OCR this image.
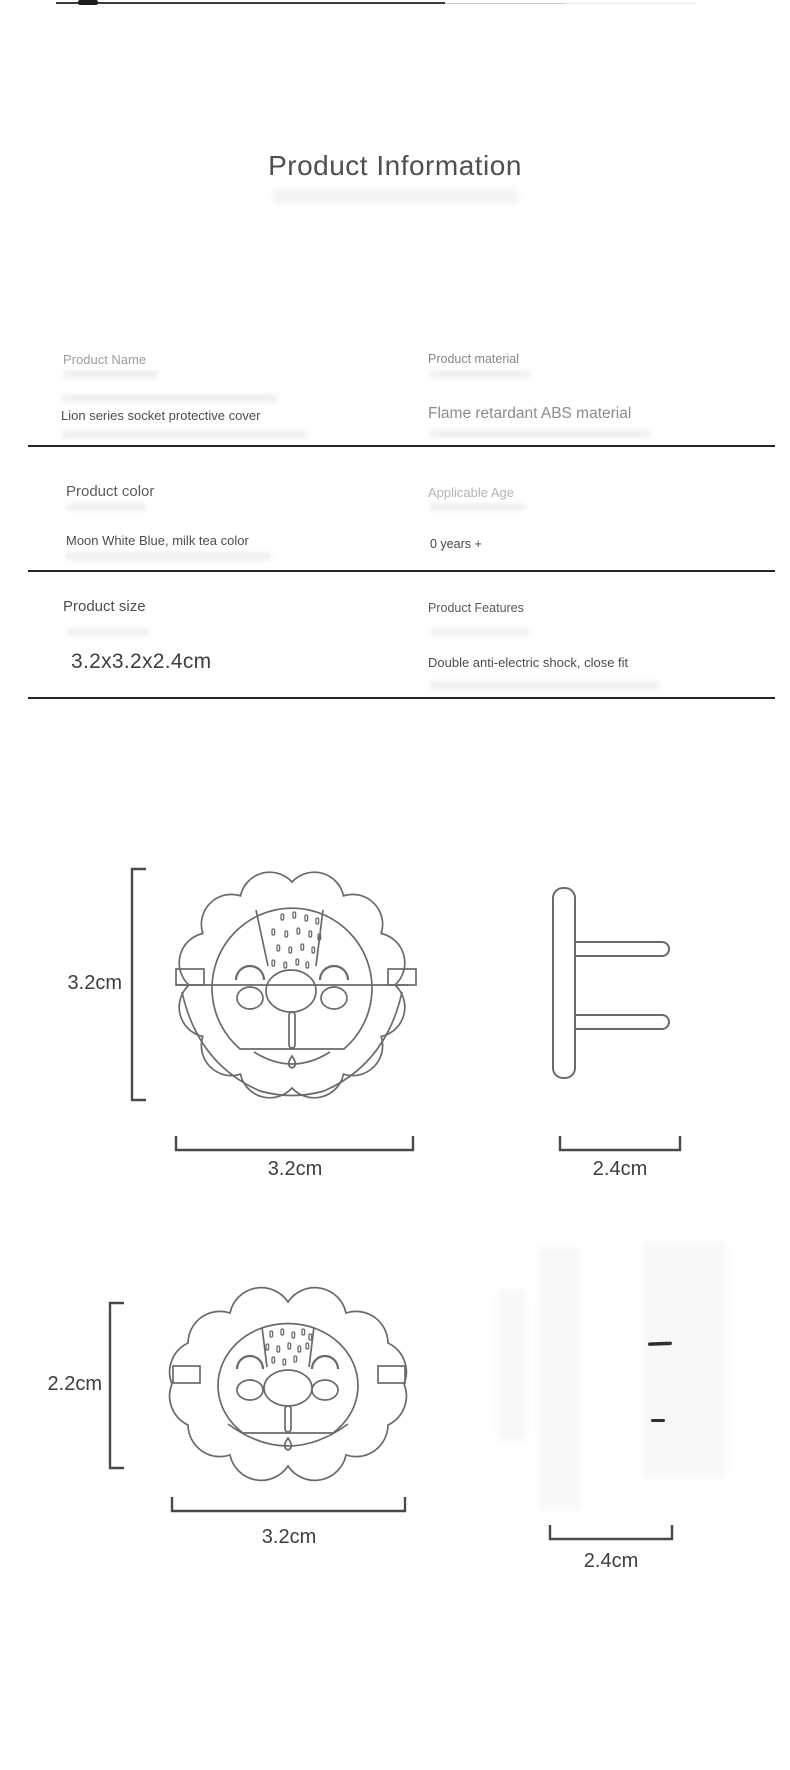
Product Information
Product Name	Product material
Lion series socket protective cover	Flame retardant ABS material
Product color	Applicable Age
Moon White Blue, milk tea color	0 years +
Product size	Product Features
3.2x3.2x2.4cm	Double anti-electric shock, close fit
3.2cm
3.2cm	2.4cm
2.2cm
3.2cm
2.4cm
